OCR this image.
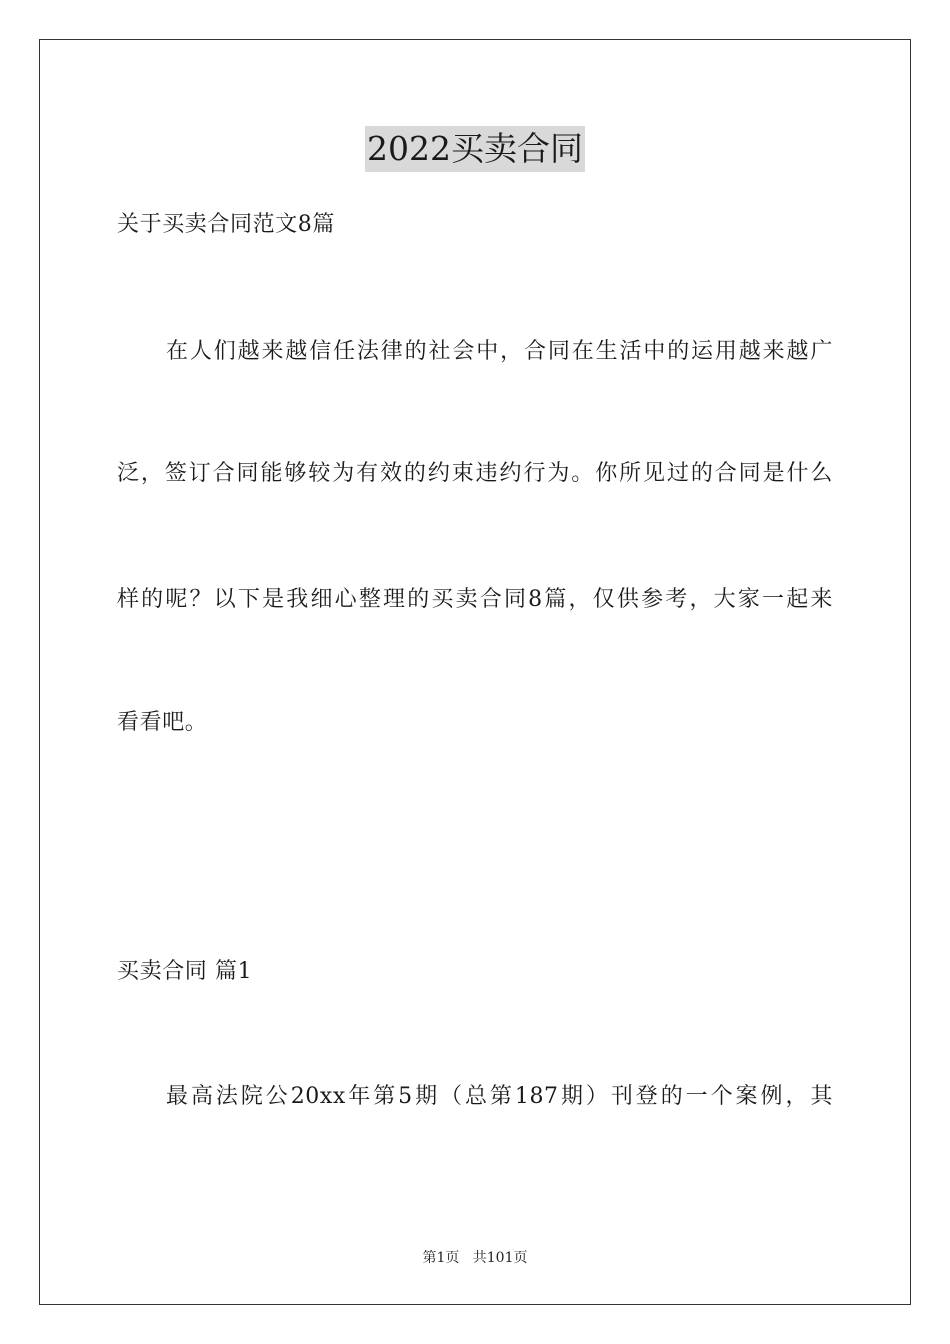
2022买卖合同
关于买卖合同范文8篇
在人们越来越信任法律的社会中，合同在生活中的运用越来越广
泛，签订合同能够较为有效的约束违约行为。你所见过的合同是什么
样的呢？以下是我细心整理的买卖合同8篇，仅供参考，大家一起来
看看吧。
买卖合同 篇1
最高法院公20xx年第5期（总第187期）刊登的一个案例，其
第1页   共101页
